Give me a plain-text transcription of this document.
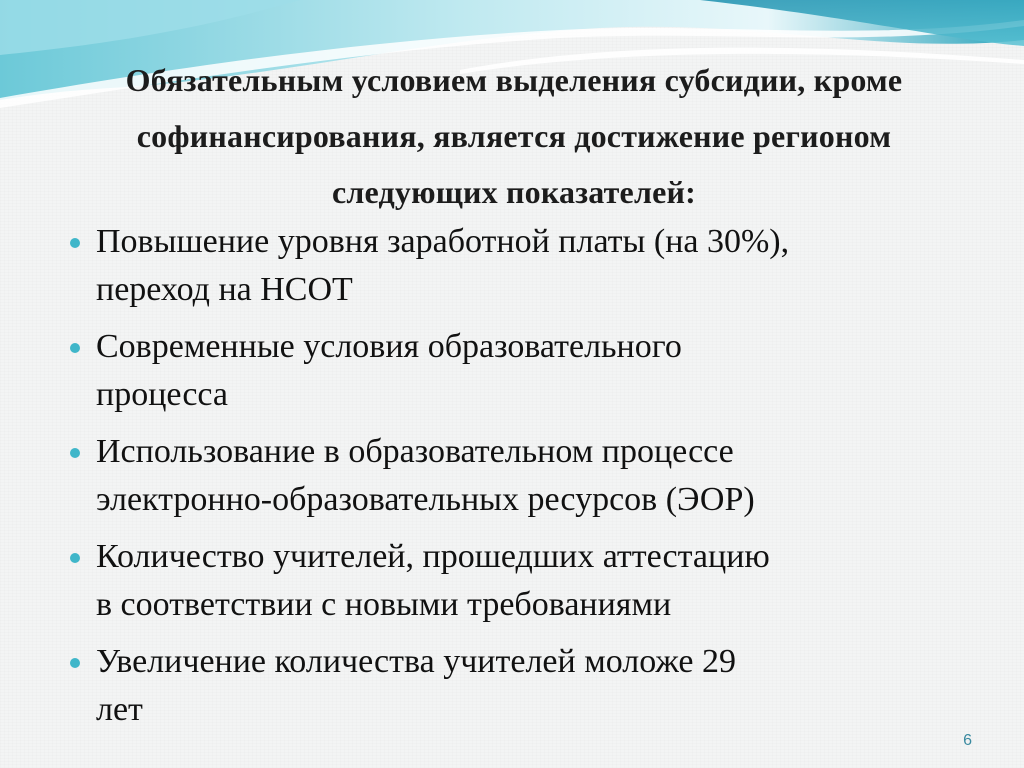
Обязательным условием выделения субсидии, кроме
софинансирования, является достижение регионом
следующих показателей:
Повышение уровня заработной платы (на 30%),
переход на НСОТ
Современные условия образовательного
процесса
Использование в образовательном процессе
электронно-образовательных ресурсов (ЭОР)
Количество учителей, прошедших аттестацию
в соответствии с новыми требованиями
Увеличение количества учителей моложе 29
лет
6
